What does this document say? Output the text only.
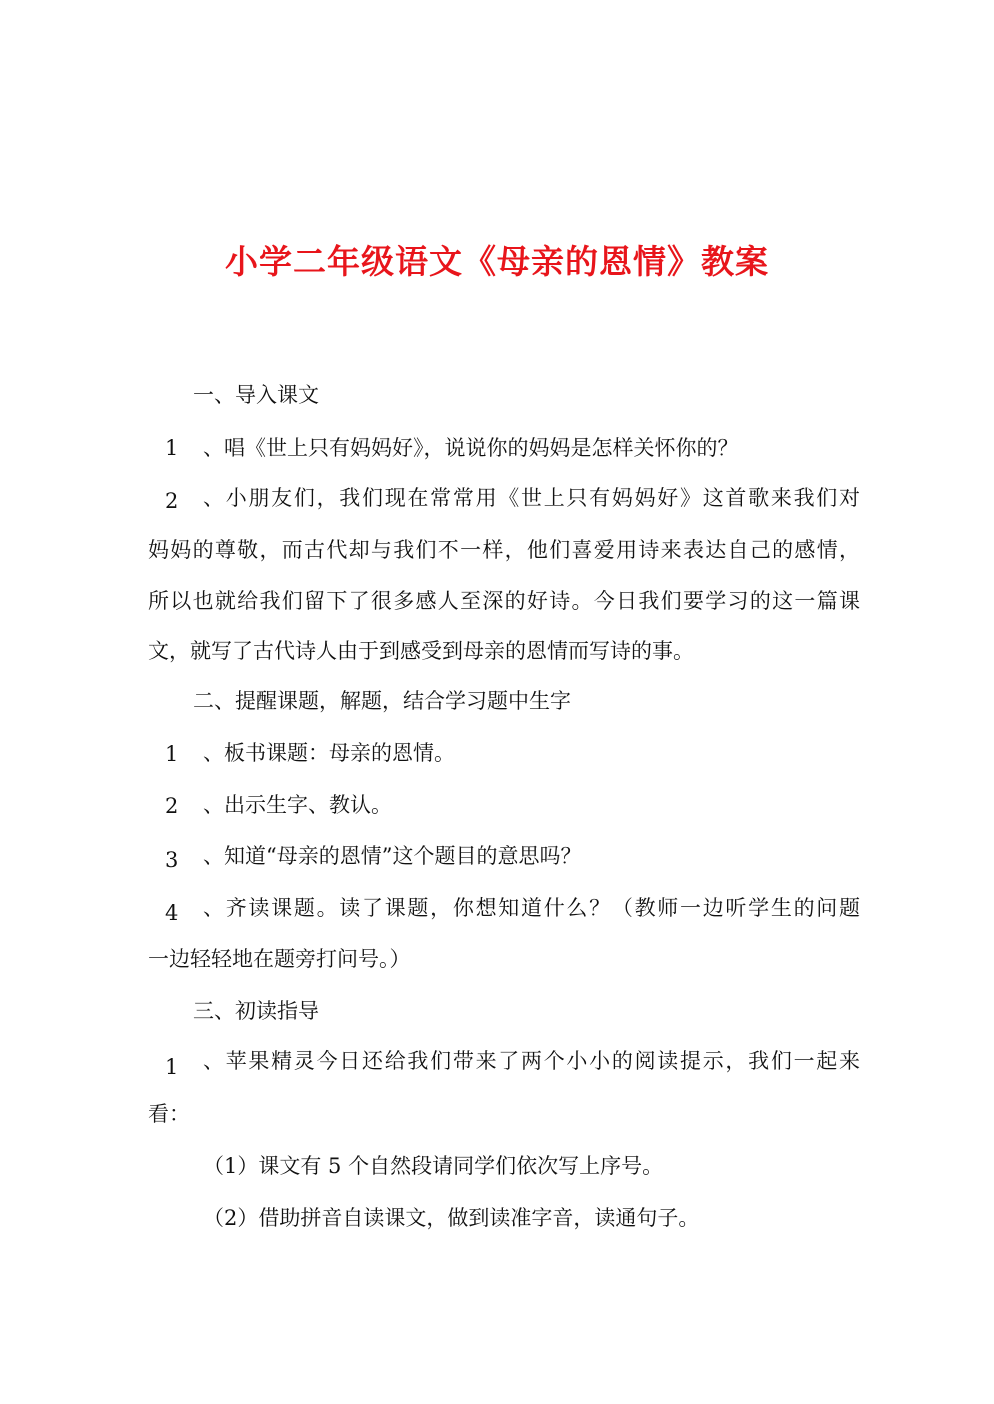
小学二年级语文《母亲的恩情》教案
一、导入课文
1 、唱《世上只有妈妈好》，说说你的妈妈是怎样关怀你的？
2 、小朋友们，我们现在常常用《世上只有妈妈好》这首歌来我们对
妈妈的尊敬，而古代却与我们不一样，他们喜爱用诗来表达自己的感情，
所以也就给我们留下了很多感人至深的好诗。今日我们要学习的这一篇课
文，就写了古代诗人由于到感受到母亲的恩情而写诗的事。
二、提醒课题，解题，结合学习题中生字
1 、板书课题：母亲的恩情。
2 、出示生字、教认。
3 、知道“母亲的恩情”这个题目的意思吗？
4 、齐读课题。读了课题，你想知道什么？（教师一边听学生的问题
一边轻轻地在题旁打问号。）
三、初读指导
1 、苹果精灵今日还给我们带来了两个小小的阅读提示，我们一起来
看：
（1）课文有 5 个自然段请同学们依次写上序号。
（2）借助拼音自读课文，做到读准字音，读通句子。
